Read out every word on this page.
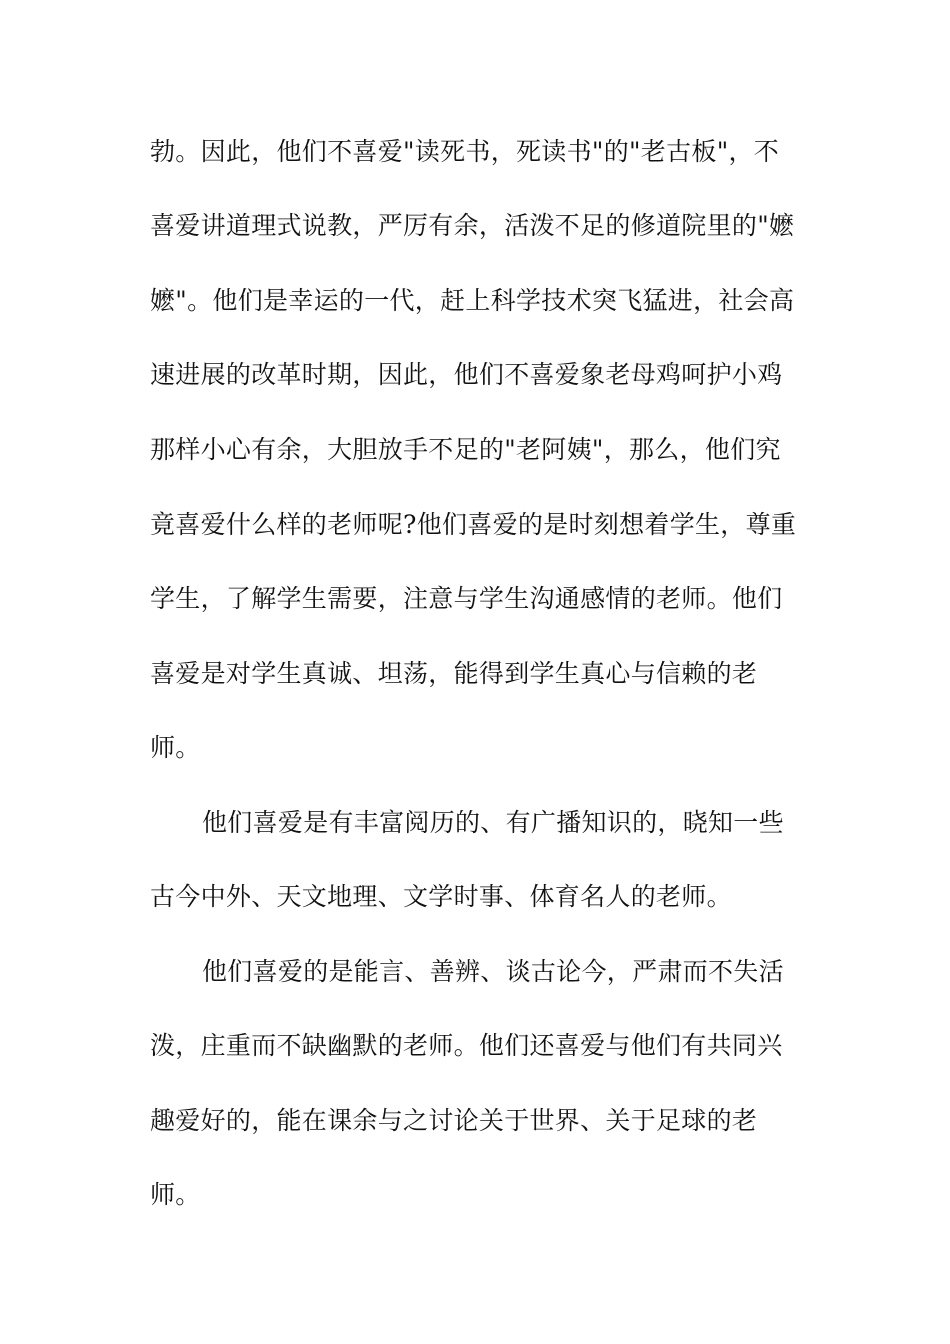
勃。因此，他们不喜爱"读死书，死读书"的"老古板"，不
喜爱讲道理式说教，严厉有余，活泼不足的修道院里的"嬷
嬷"。他们是幸运的一代，赶上科学技术突飞猛进，社会高
速进展的改革时期，因此，他们不喜爱象老母鸡呵护小鸡
那样小心有余，大胆放手不足的"老阿姨"，那么，他们究
竟喜爱什么样的老师呢?他们喜爱的是时刻想着学生，尊重
学生，了解学生需要，注意与学生沟通感情的老师。他们
喜爱是对学生真诚、坦荡，能得到学生真心与信赖的老
师。
他们喜爱是有丰富阅历的、有广播知识的，晓知一些
古今中外、天文地理、文学时事、体育名人的老师。
他们喜爱的是能言、善辨、谈古论今，严肃而不失活
泼，庄重而不缺幽默的老师。他们还喜爱与他们有共同兴
趣爱好的，能在课余与之讨论关于世界、关于足球的老
师。
